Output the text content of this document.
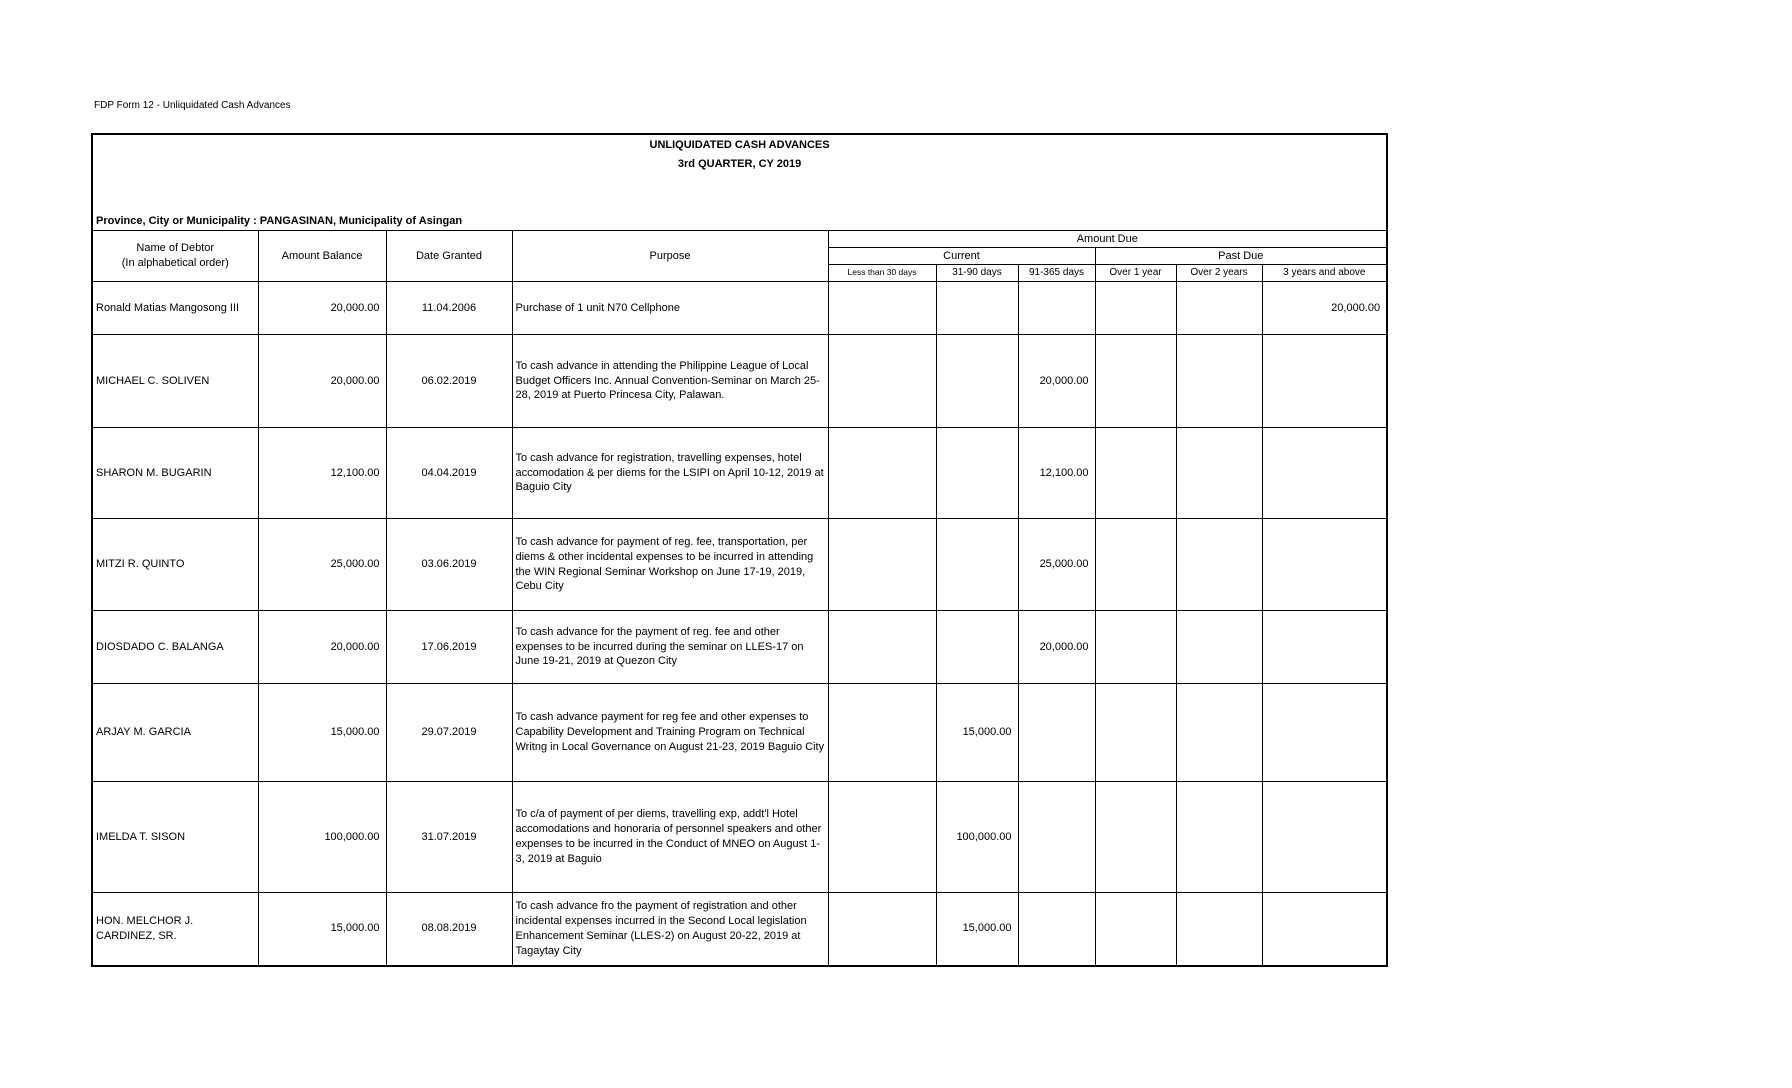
FDP Form 12 - Unliquidated Cash Advances
UNLIQUIDATED CASH ADVANCES
3rd QUARTER, CY 2019
Province, City or Municipality : PANGASINAN, Municipality of Asingan									

Name of Debtor
(In alphabetical order)	Amount Balance	Date Granted	Purpose	Amount Due					
				Current			Past Due		
				Less than 30 days	31-90 days	91-365 days	Over 1 year	Over 2 years	3 years and above
Ronald Matias Mangosong III	20,000.00	11.04.2006	Purchase of 1 unit N70 Cellphone						20,000.00
MICHAEL C. SOLIVEN	20,000.00	06.02.2019	To cash advance in attending the Philippine League of Local Budget Officers Inc. Annual Convention-Seminar on March 25-28, 2019 at Puerto Princesa City, Palawan.			20,000.00			
SHARON M. BUGARIN	12,100.00	04.04.2019	To cash advance for registration, travelling expenses, hotel accomodation & per diems for the LSIPI on April 10-12, 2019 at Baguio City			12,100.00			
MITZI R. QUINTO	25,000.00	03.06.2019	To cash advance for payment of reg. fee, transportation, per diems & other incidental expenses to be incurred in attending the WIN Regional Seminar Workshop on June 17-19, 2019, Cebu City			25,000.00			
DIOSDADO C. BALANGA	20,000.00	17.06.2019	To cash advance for the payment of reg. fee and other expenses to be incurred during the seminar on LLES-17 on June 19-21, 2019 at Quezon City			20,000.00			
ARJAY M. GARCIA	15,000.00	29.07.2019	To cash advance payment for reg fee and other expenses to Capability Development and Training Program on Technical Writng in Local Governance on August 21-23, 2019 Baguio City		15,000.00				
IMELDA T. SISON	100,000.00	31.07.2019	To c/a of payment of per diems, travelling exp, addt'l Hotel accomodations and honoraria of personnel speakers and other expenses to be incurred in the Conduct of MNEO on August 1-3, 2019 at Baguio		100,000.00				
HON. MELCHOR J. CARDINEZ, SR.	15,000.00	08.08.2019	To cash advance fro the payment of registration and other incidental expenses incurred in the Second Local legislation Enhancement Seminar (LLES-2) on August 20-22, 2019 at Tagaytay City		15,000.00				
